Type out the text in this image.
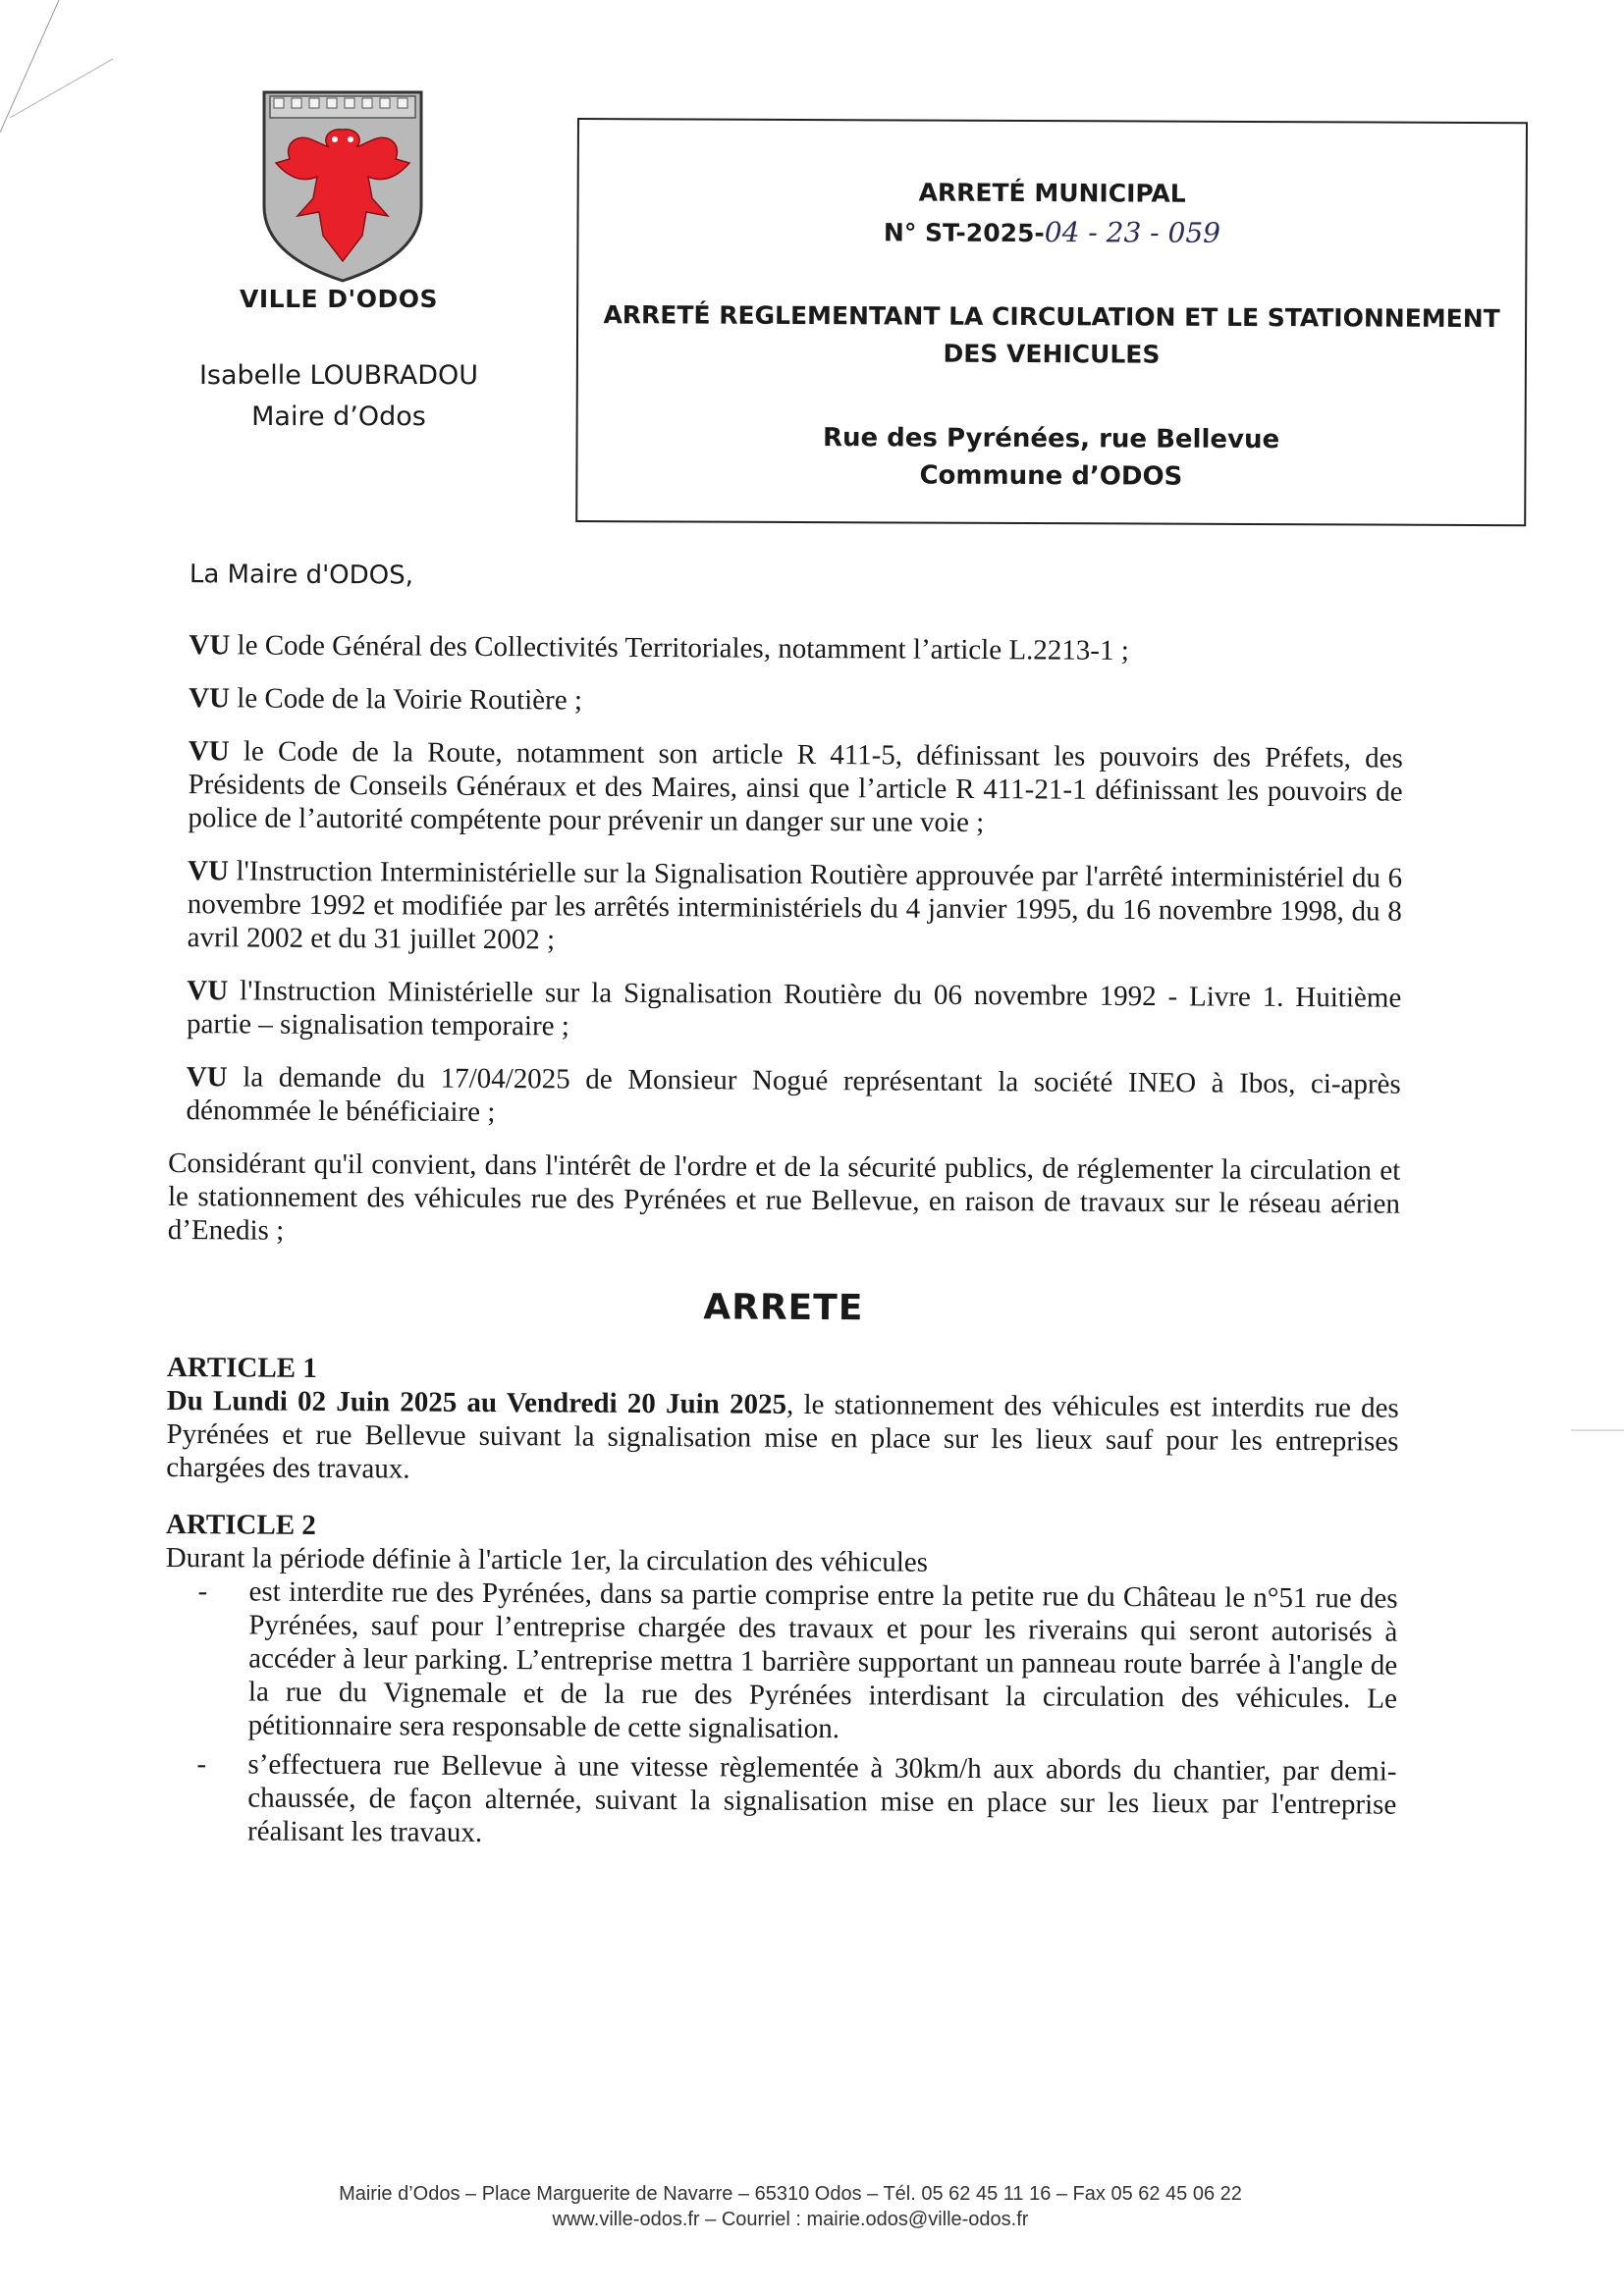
VILLE D'ODOS
Isabelle LOUBRADOU
Maire d’Odos
ARRETÉ MUNICIPAL
N° ST-2025-04 - 23 - 059
ARRETÉ REGLEMENTANT LA CIRCULATION ET LE STATIONNEMENT
DES VEHICULES
Rue des Pyrénées, rue Bellevue
Commune d’ODOS

La Maire d'ODOS,

VU le Code Général des Collectivités Territoriales, notamment l’article L.2213-1 ;

VU le Code de la Voirie Routière ;

VU le Code de la Route, notamment son article R 411-5, définissant les pouvoirs des Préfets, des Présidents de Conseils Généraux et des Maires, ainsi que l’article R 411-21-1 définissant les pouvoirs de police de l’autorité compétente pour prévenir un danger sur une voie ;

VU l'Instruction Interministérielle sur la Signalisation Routière approuvée par l'arrêté interministériel du 6 novembre 1992 et modifiée par les arrêtés interministériels du 4 janvier 1995, du 16 novembre 1998, du 8 avril 2002 et du 31 juillet 2002 ;

VU l'Instruction Ministérielle sur la Signalisation Routière du 06 novembre 1992 - Livre 1. Huitième partie – signalisation temporaire ;

VU la demande du 17/04/2025 de Monsieur Nogué représentant la société INEO à Ibos, ci-après dénommée le bénéficiaire ;

Considérant qu'il convient, dans l'intérêt de l'ordre et de la sécurité publics, de réglementer la circulation et le stationnement des véhicules rue des Pyrénées et rue Bellevue, en raison de travaux sur le réseau aérien d’Enedis ;

ARRETE

ARTICLE 1

Du Lundi 02 Juin 2025 au Vendredi 20 Juin 2025, le stationnement des véhicules est interdits rue des Pyrénées et rue Bellevue suivant la signalisation mise en place sur les lieux sauf pour les entreprises chargées des travaux.

ARTICLE 2

Durant la période définie à l'article 1er, la circulation des véhicules

- est interdite rue des Pyrénées, dans sa partie comprise entre la petite rue du Château le n°51 rue des Pyrénées, sauf pour l’entreprise chargée des travaux et pour les riverains qui seront autorisés à accéder à leur parking. L’entreprise mettra 1 barrière supportant un panneau route barrée à l'angle de la rue du Vignemale et de la rue des Pyrénées interdisant la circulation des véhicules. Le pétitionnaire sera responsable de cette signalisation.
- s’effectuera rue Bellevue à une vitesse règlementée à 30km/h aux abords du chantier, par demi-chaussée, de façon alternée, suivant la signalisation mise en place sur les lieux par l'entreprise réalisant les travaux.
Mairie d’Odos – Place Marguerite de Navarre – 65310 Odos – Tél. 05 62 45 11 16 – Fax 05 62 45 06 22
www.ville-odos.fr – Courriel : mairie.odos@ville-odos.fr
